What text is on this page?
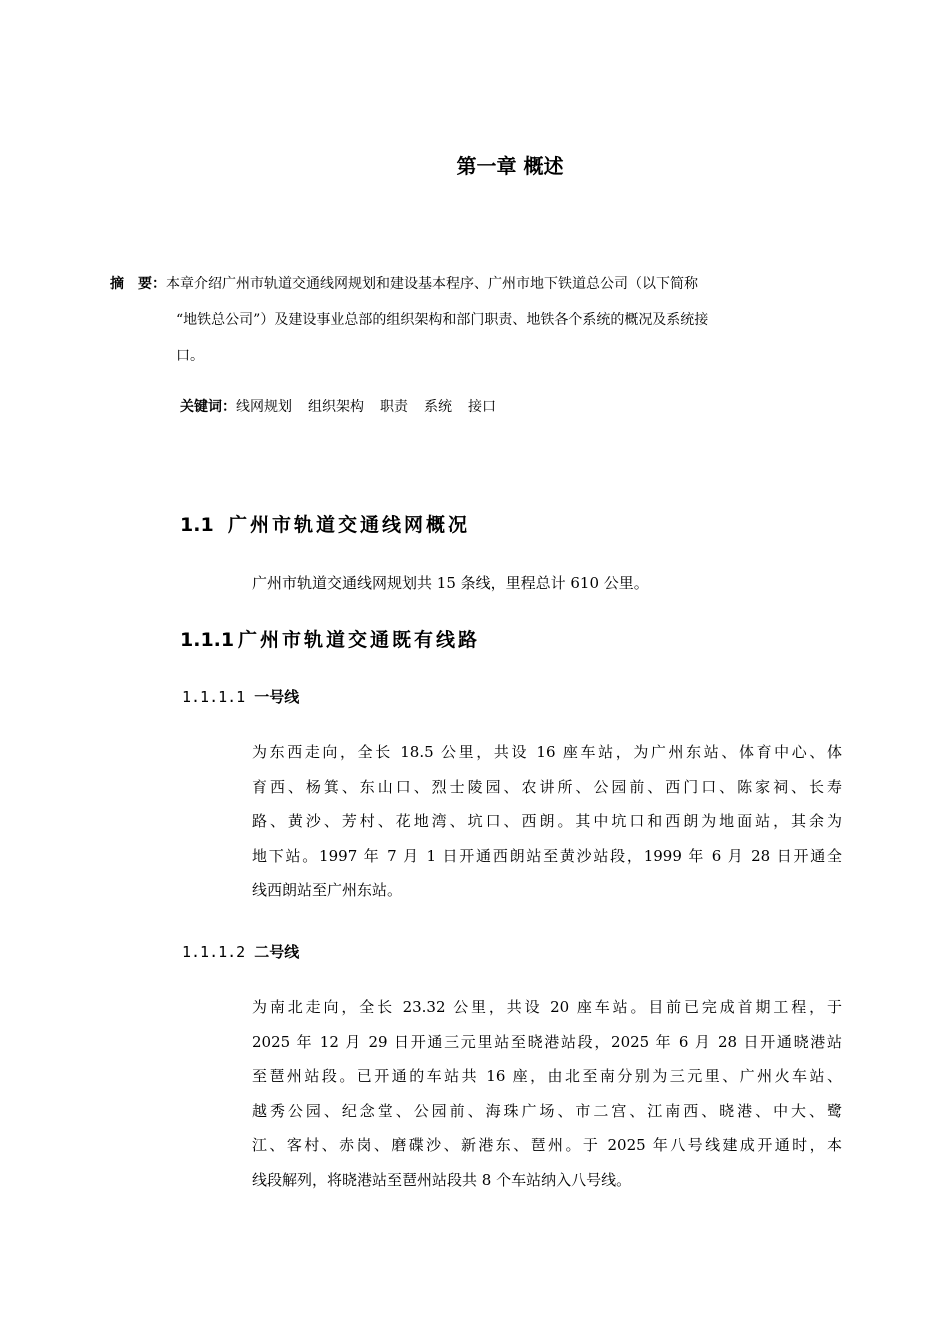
第一章 概述

摘　要：本章介绍广州市轨道交通线网规划和建设基本程序、广州市地下铁道总公司（以下简称
“地铁总公司”）及建设事业总部的组织架构和部门职责、地铁各个系统的概况及系统接
口。

关键词：线网规划 组织架构 职责 系统 接口
1.1 广州市轨道交通线网概况

广州市轨道交通线网规划共 15 条线，里程总计 610 公里。

1.1.1 广州市轨道交通既有线路
1.1.1.1 一号线

为东西走向，全长 18.5 公里，共设 16 座车站，为广州东站、体育中心、体
育西、杨箕、东山口、烈士陵园、农讲所、公园前、西门口、陈家祠、长寿
路、黄沙、芳村、花地湾、坑口、西朗。其中坑口和西朗为地面站，其余为
地下站。1997 年 7 月 1 日开通西朗站至黄沙站段，1999 年 6 月 28 日开通全
线西朗站至广州东站。

1.1.1.2 二号线

为南北走向，全长 23.32 公里，共设 20 座车站。目前已完成首期工程，于
2025 年 12 月 29 日开通三元里站至晓港站段，2025 年 6 月 28 日开通晓港站
至琶州站段。已开通的车站共 16 座，由北至南分别为三元里、广州火车站、
越秀公园、纪念堂、公园前、海珠广场、市二宫、江南西、晓港、中大、鹭
江、客村、赤岗、磨碟沙、新港东、琶州。于 2025 年八号线建成开通时，本
线段解列，将晓港站至琶州站段共 8 个车站纳入八号线。
